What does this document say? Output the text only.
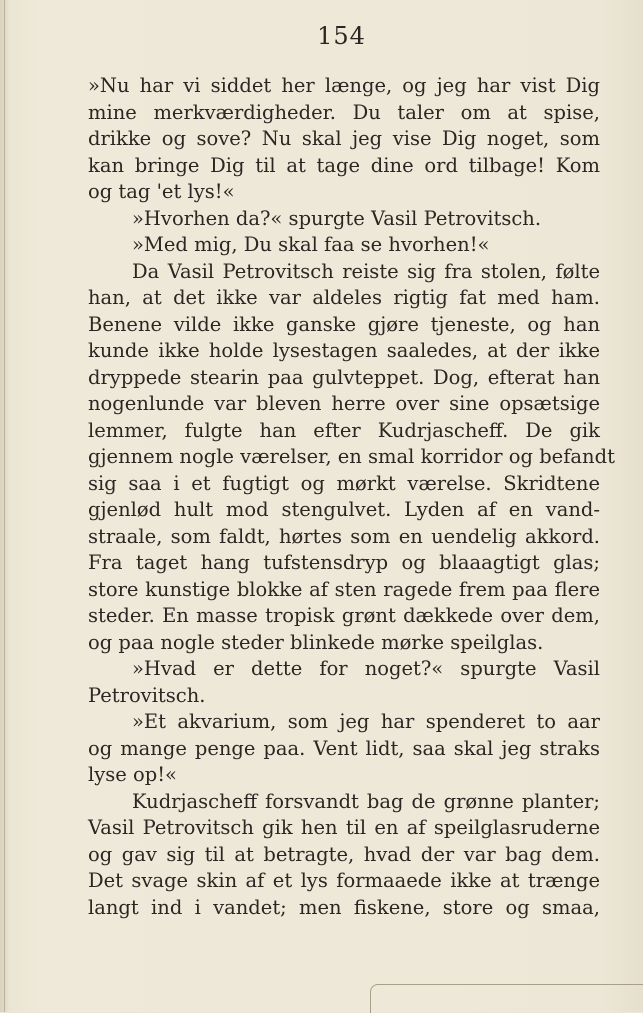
154
»Nu har vi siddet her længe, og jeg har vist Dig
mine merkværdigheder. Du taler om at spise,
drikke og sove? Nu skal jeg vise Dig noget, som
kan bringe Dig til at tage dine ord tilbage! Kom
og tag 'et lys!«
»Hvorhen da?« spurgte Vasil Petrovitsch.
»Med mig, Du skal faa se hvorhen!«
Da Vasil Petrovitsch reiste sig fra stolen, følte
han, at det ikke var aldeles rigtig fat med ham.
Benene vilde ikke ganske gjøre tjeneste, og han
kunde ikke holde lysestagen saaledes, at der ikke
dryppede stearin paa gulvteppet. Dog, efterat han
nogenlunde var bleven herre over sine opsætsige
lemmer, fulgte han efter Kudrjascheff. De gik
gjennem nogle værelser, en smal korridor og befandt
sig saa i et fugtigt og mørkt værelse. Skridtene
gjenlød hult mod stengulvet. Lyden af en vand-
straale, som faldt, hørtes som en uendelig akkord.
Fra taget hang tufstensdryp og blaaagtigt glas;
store kunstige blokke af sten ragede frem paa flere
steder. En masse tropisk grønt dækkede over dem,
og paa nogle steder blinkede mørke speilglas.
»Hvad er dette for noget?« spurgte Vasil
Petrovitsch.
»Et akvarium, som jeg har spenderet to aar
og mange penge paa. Vent lidt, saa skal jeg straks
lyse op!«
Kudrjascheff forsvandt bag de grønne planter;
Vasil Petrovitsch gik hen til en af speilglasruderne
og gav sig til at betragte, hvad der var bag dem.
Det svage skin af et lys formaaede ikke at trænge
langt ind i vandet; men fiskene, store og smaa,
